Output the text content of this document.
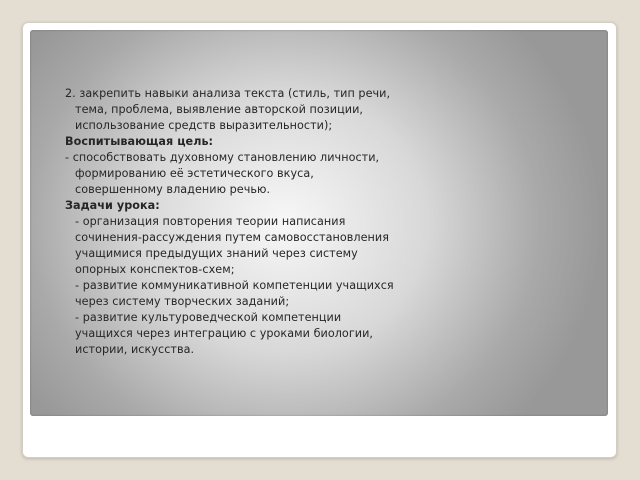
2. закрепить навыки анализа текста (стиль, тип речи, тема, проблема, выявление авторской позиции, использование средств выразительности);

Воспитывающая цель:

- способствовать духовному становлению личности, формированию её эстетического вкуса, совершенному владению речью.

Задачи урока:

- организация повторения теории написания сочинения-рассуждения путем самовосстановления учащимися предыдущих знаний через систему опорных конспектов-схем;

- развитие коммуникативной компетенции учащихся через систему творческих заданий;

- развитие культуроведческой компетенции учащихся через интеграцию с уроками биологии, истории, искусства.
